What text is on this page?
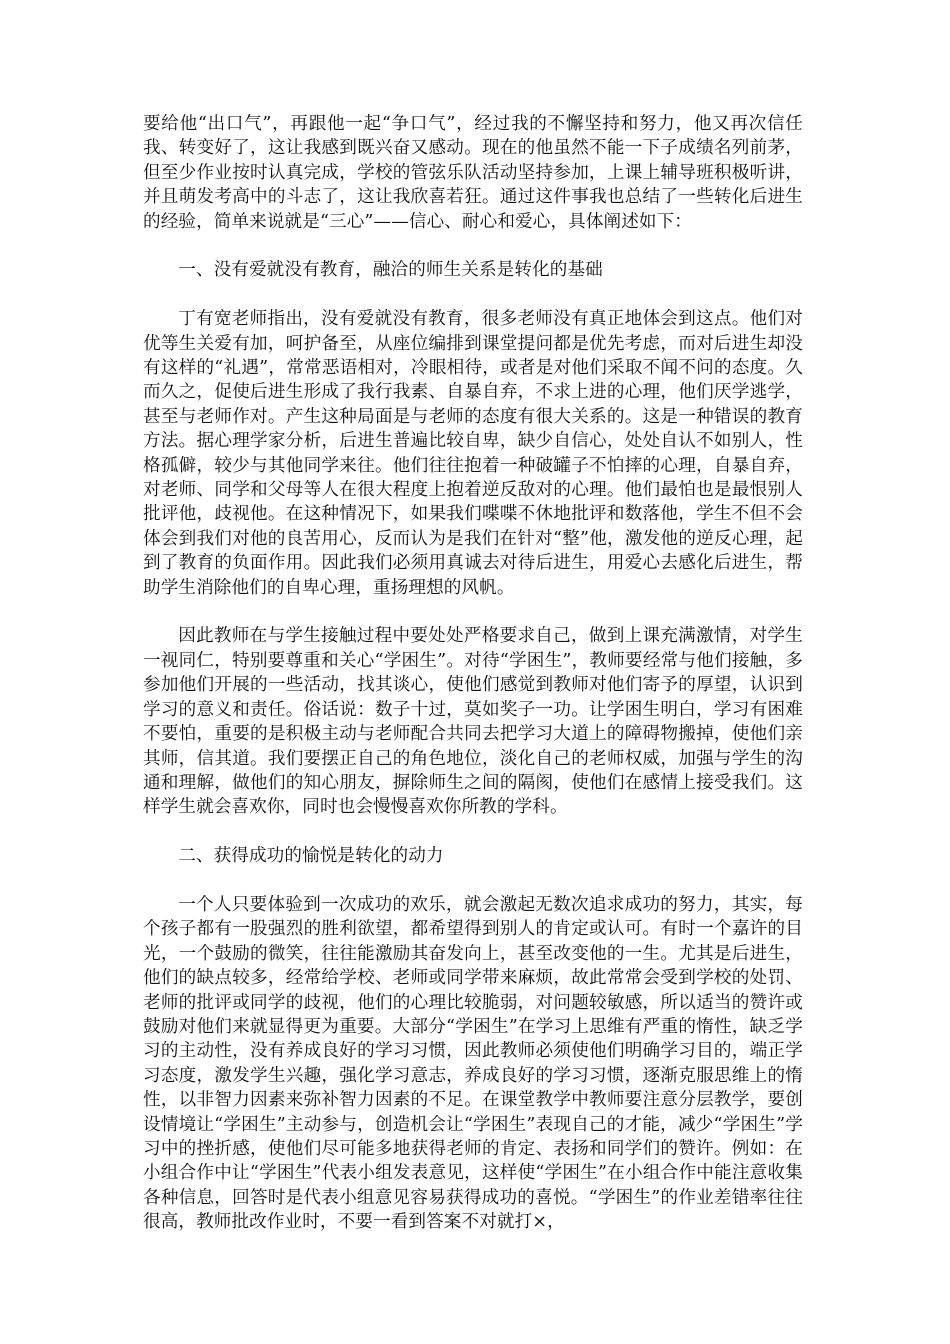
要给他“出口气”，再跟他一起“争口气”，经过我的不懈坚持和努力，他又再次信任我、转变好了，这让我感到既兴奋又感动。现在的他虽然不能一下子成绩名列前茅，但至少作业按时认真完成，学校的管弦乐队活动坚持参加，上课上辅导班积极听讲，并且萌发考高中的斗志了，这让我欣喜若狂。通过这件事我也总结了一些转化后进生的经验，简单来说就是“三心”——信心、耐心和爱心，具体阐述如下：

一、没有爱就没有教育，融洽的师生关系是转化的基础

丁有宽老师指出，没有爱就没有教育，很多老师没有真正地体会到这点。他们对优等生关爱有加，呵护备至，从座位编排到课堂提问都是优先考虑，而对后进生却没有这样的“礼遇”，常常恶语相对，冷眼相待，或者是对他们采取不闻不问的态度。久而久之，促使后进生形成了我行我素、自暴自弃，不求上进的心理，他们厌学逃学，甚至与老师作对。产生这种局面是与老师的态度有很大关系的。这是一种错误的教育方法。据心理学家分析，后进生普遍比较自卑，缺少自信心，处处自认不如别人，性格孤僻，较少与其他同学来往。他们往往抱着一种破罐子不怕摔的心理，自暴自弃，对老师、同学和父母等人在很大程度上抱着逆反敌对的心理。他们最怕也是最恨别人批评他，歧视他。在这种情况下，如果我们喋喋不休地批评和数落他，学生不但不会体会到我们对他的良苦用心，反而认为是我们在针对“整”他，激发他的逆反心理，起到了教育的负面作用。因此我们必须用真诚去对待后进生，用爱心去感化后进生，帮助学生消除他们的自卑心理，重扬理想的风帆。

因此教师在与学生接触过程中要处处严格要求自己，做到上课充满激情，对学生一视同仁，特别要尊重和关心“学困生”。对待“学困生”，教师要经常与他们接触，多参加他们开展的一些活动，找其谈心，使他们感觉到教师对他们寄予的厚望，认识到学习的意义和责任。俗话说：数子十过，莫如奖子一功。让学困生明白，学习有困难不要怕，重要的是积极主动与老师配合共同去把学习大道上的障碍物搬掉，使他们亲其师，信其道。我们要摆正自己的角色地位，淡化自己的老师权威，加强与学生的沟通和理解，做他们的知心朋友，摒除师生之间的隔阂，使他们在感情上接受我们。这样学生就会喜欢你，同时也会慢慢喜欢你所教的学科。

二、获得成功的愉悦是转化的动力

一个人只要体验到一次成功的欢乐，就会激起无数次追求成功的努力，其实，每个孩子都有一股强烈的胜利欲望，都希望得到别人的肯定或认可。有时一个嘉许的目光，一个鼓励的微笑，往往能激励其奋发向上，甚至改变他的一生。尤其是后进生，他们的缺点较多，经常给学校、老师或同学带来麻烦，故此常常会受到学校的处罚、老师的批评或同学的歧视，他们的心理比较脆弱，对问题较敏感，所以适当的赞许或鼓励对他们来就显得更为重要。大部分“学困生”在学习上思维有严重的惰性，缺乏学习的主动性，没有养成良好的学习习惯，因此教师必须使他们明确学习目的，端正学习态度，激发学生兴趣，强化学习意志，养成良好的学习习惯，逐渐克服思维上的惰性，以非智力因素来弥补智力因素的不足。在课堂教学中教师要注意分层教学，要创设情境让“学困生”主动参与，创造机会让“学困生”表现自己的才能，减少“学困生”学习中的挫折感，使他们尽可能多地获得老师的肯定、表扬和同学们的赞许。例如：在小组合作中让“学困生”代表小组发表意见，这样使“学困生”在小组合作中能注意收集各种信息，回答时是代表小组意见容易获得成功的喜悦。“学困生”的作业差错率往往很高，教师批改作业时，不要一看到答案不对就打×，
